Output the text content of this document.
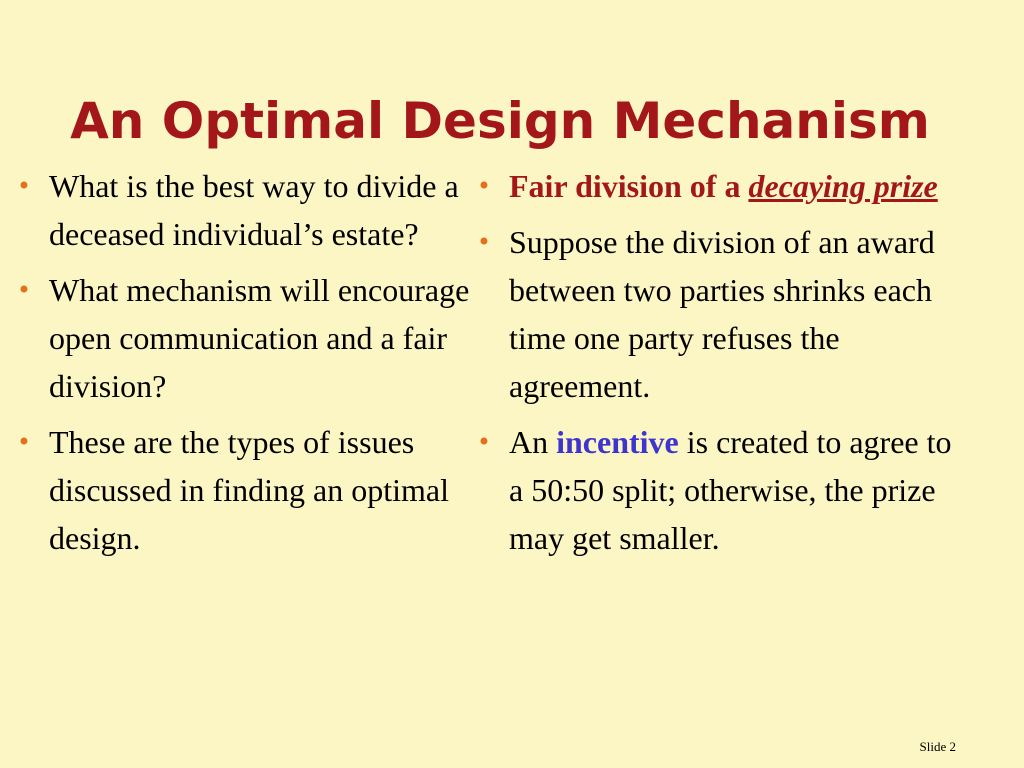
An Optimal Design Mechanism
• What is the best way to divide a deceased individual’s estate?
• What mechanism will encourage open communication and a fair division?
• These are the types of issues discussed in finding an optimal design.
• Fair division of a decaying prize
• Suppose the division of an award between two parties shrinks each time one party refuses the agreement.
• An incentive is created to agree to a 50:50 split; otherwise, the prize may get smaller.
Slide 2
